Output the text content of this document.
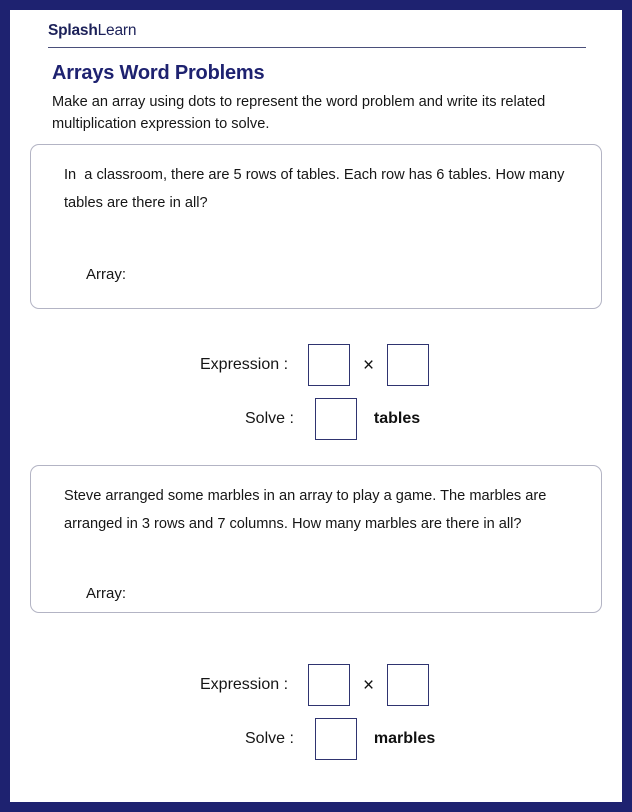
SplashLearn
Arrays Word Problems
Make an array using dots to represent the word problem and write its related multiplication expression to solve.
In  a classroom, there are 5 rows of tables. Each row has 6 tables. How many tables are there in all?
Array:
Expression :	×
Solve :	tables
Steve arranged some marbles in an array to play a game. The marbles are arranged in 3 rows and 7 columns. How many marbles are there in all?
Array:
Expression :	×
Solve :	marbles
